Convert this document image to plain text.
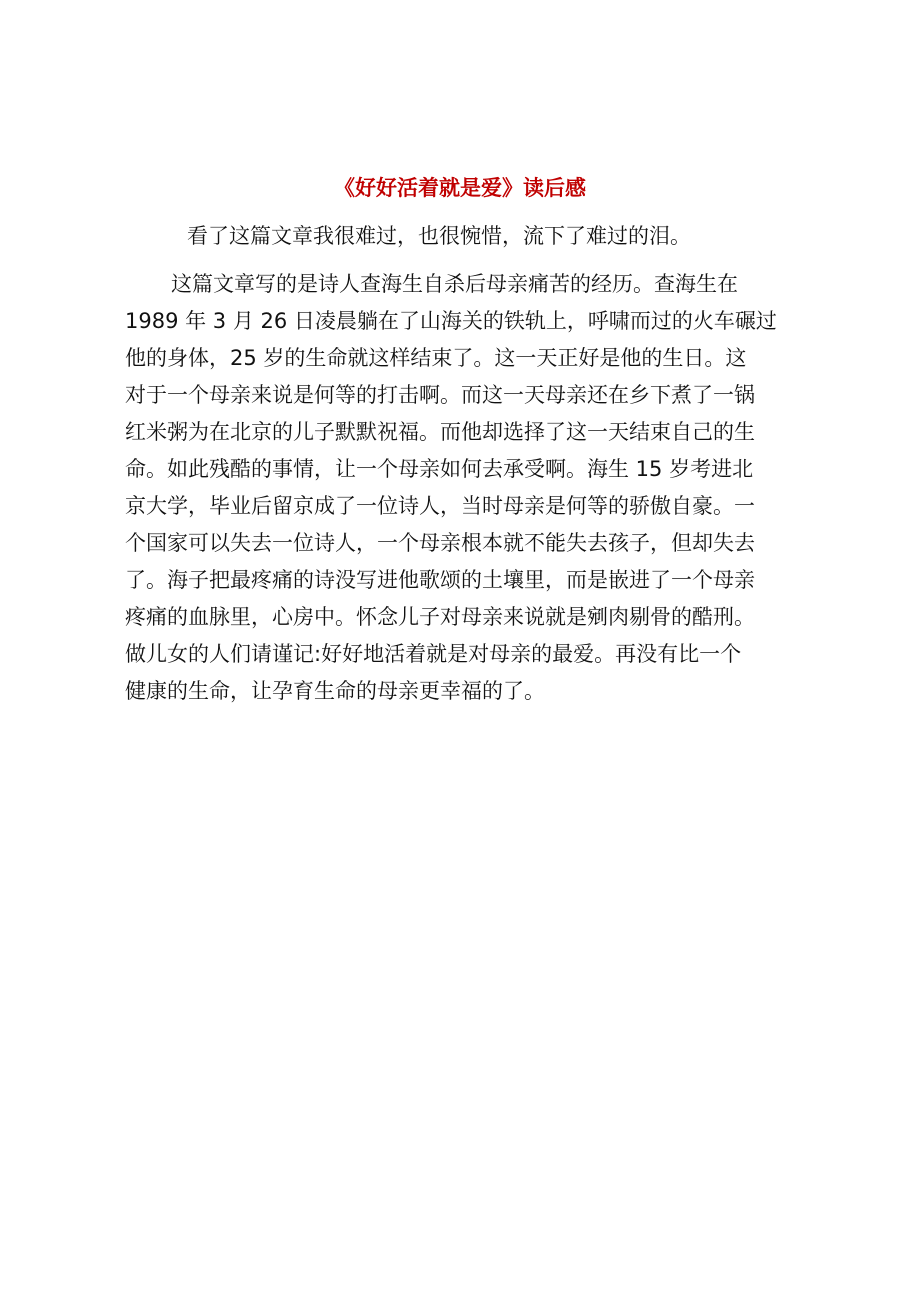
《好好活着就是爱》读后感

看了这篇文章我很难过，也很惋惜，流下了难过的泪。

这篇文章写的是诗人查海生自杀后母亲痛苦的经历。查海生在
1989 年 3 月 26 日凌晨躺在了山海关的铁轨上，呼啸而过的火车碾过
他的身体，25 岁的生命就这样结束了。这一天正好是他的生日。这
对于一个母亲来说是何等的打击啊。而这一天母亲还在乡下煮了一锅
红米粥为在北京的儿子默默祝福。而他却选择了这一天结束自己的生
命。如此残酷的事情，让一个母亲如何去承受啊。海生 15 岁考进北
京大学，毕业后留京成了一位诗人，当时母亲是何等的骄傲自豪。一
个国家可以失去一位诗人，一个母亲根本就不能失去孩子，但却失去
了。海子把最疼痛的诗没写进他歌颂的土壤里，而是嵌进了一个母亲
疼痛的血脉里，心房中。怀念儿子对母亲来说就是剜肉剔骨的酷刑。
做儿女的人们请谨记:好好地活着就是对母亲的最爱。再没有比一个
健康的生命，让孕育生命的母亲更幸福的了。
